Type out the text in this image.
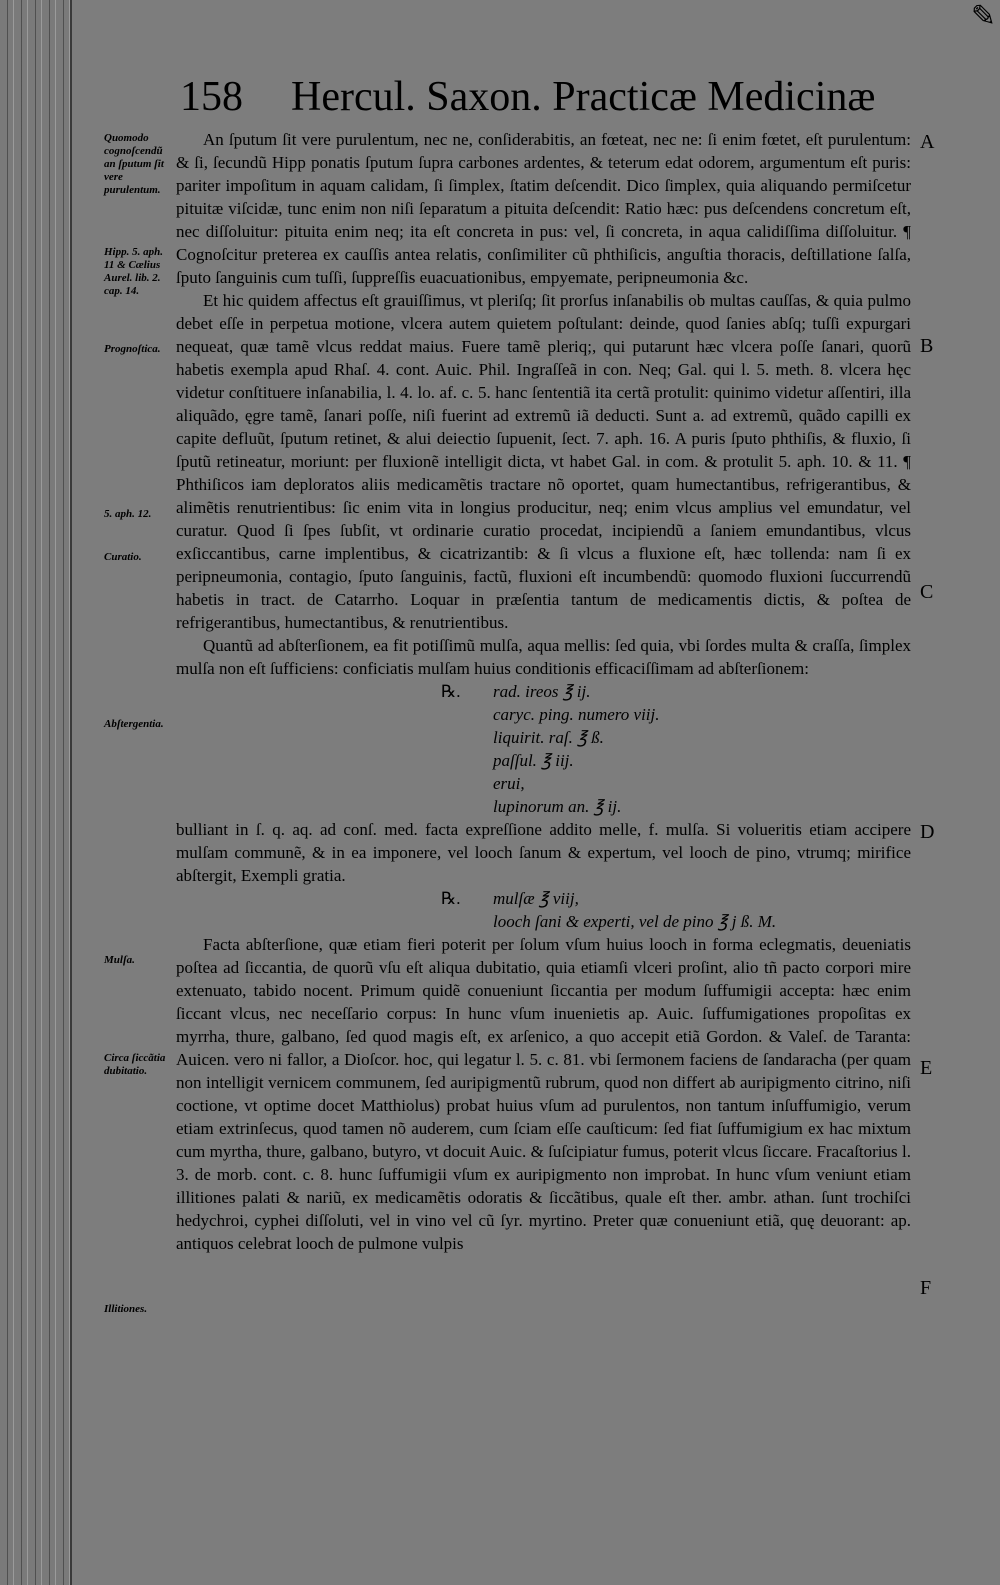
✎
158 Hercul. Saxon. Practicæ Medicinæ
Quomodo cognoſcendũ an ſputum ſit vere purulentum.
Hipp. 5. aph. 11 & Cælius Aurel. lib. 2. cap. 14.
Prognoſtica.
5. aph. 12.
Curatio.
Abſtergentia.
Mulſa.
Circa ſiccãtia dubitatio.
Illitiones.
A
B
C
D
E
F

An ſputum ſit vere purulentum, nec ne, conſiderabitis, an fœteat, nec ne: ſi enim fœtet, eſt purulentum: & ſi, ſecundũ Hipp ponatis ſputum ſupra carbones ardentes, & teterum edat odorem, argumentum eſt puris: pariter impoſitum in aquam calidam, ſi ſimplex, ſtatim deſcendit. Dico ſimplex, quia aliquando permiſcetur pituitæ viſcidæ, tunc enim non niſi ſeparatum a pituita deſcendit: Ratio hæc: pus deſcendens concretum eſt, nec diſſoluitur: pituita enim neq; ita eſt concreta in pus: vel, ſi concreta, in aqua calidiſſima diſſoluitur. ¶ Cognoſcitur preterea ex cauſſis antea relatis, conſimiliter cũ phthiſicis, anguſtia thoracis, deſtillatione ſalſa, ſputo ſanguinis cum tuſſi, ſuppreſſis euacuationibus, empyemate, peripneumonia &c.

Et hic quidem affectus eſt grauiſſimus, vt pleriſq; ſit prorſus inſanabilis ob multas cauſſas, & quia pulmo debet eſſe in perpetua motione, vlcera autem quietem poſtulant: deinde, quod ſanies abſq; tuſſi expurgari nequeat, quæ tamẽ vlcus reddat maius. Fuere tamẽ pleriq;, qui putarunt hæc vlcera poſſe ſanari, quorũ habetis exempla apud Rhaſ. 4. cont. Auic. Phil. Ingraſſeã in con. Neq; Gal. qui l. 5. meth. 8. vlcera hęc videtur conſtituere inſanabilia, l. 4. lo. af. c. 5. hanc ſententiã ita certã protulit: quinimo videtur aſſentiri, illa aliquãdo, ęgre tamẽ, ſanari poſſe, niſi fuerint ad extremũ iã deducti. Sunt a. ad extremũ, quãdo capilli ex capite defluũt, ſputum retinet, & alui deiectio ſupuenit, ſect. 7. aph. 16. A puris ſputo phthiſis, & fluxio, ſi ſputũ retineatur, moriunt: per fluxionẽ intelligit dicta, vt habet Gal. in com. & protulit 5. aph. 10. & 11. ¶ Phthiſicos iam deploratos aliis medicamẽtis tractare nõ oportet, quam humectantibus, refrigerantibus, & alimẽtis renutrientibus: ſic enim vita in longius producitur, neq; enim vlcus amplius vel emundatur, vel curatur. Quod ſi ſpes ſubſit, vt ordinarie curatio procedat, incipiendũ a ſaniem emundantibus, vlcus exſiccantibus, carne implentibus, & cicatrizantib: & ſi vlcus a fluxione eſt, hæc tollenda: nam ſi ex peripneumonia, contagio, ſputo ſanguinis, factũ, fluxioni eſt incumbendũ: quomodo fluxioni ſuccurrendũ habetis in tract. de Catarrho. Loquar in præſentia tantum de medicamentis dictis, & poſtea de refrigerantibus, humectantibus, & renutrientibus.

Quantũ ad abſterſionem, ea fit potiſſimũ mulſa, aqua mellis: ſed quia, vbi ſordes multa & craſſa, ſimplex mulſa non eſt ſufficiens: conficiatis mulſam huius conditionis efficaciſſimam ad abſterſionem:

℞. rad. ireos ℥ ij.
caryc. ping. numero viij.
liquirit. raſ. ℥ ß.
paſſul. ℥ iij.
erui,
lupinorum an. ℥ ij.

bulliant in ſ. q. aq. ad conſ. med. facta expreſſione addito melle, f. mulſa. Si volueritis etiam accipere mulſam communẽ, & in ea imponere, vel looch ſanum & expertum, vel looch de pino, vtrumq; mirifice abſtergit, Exempli gratia.

℞. mulſæ ℥ viij,
looch ſani & experti, vel de pino ℥ j ß. M.

Facta abſterſione, quæ etiam fieri poterit per ſolum vſum huius looch in forma eclegmatis, deueniatis poſtea ad ſiccantia, de quorũ vſu eſt aliqua dubitatio, quia etiamſi vlceri proſint, alio tñ pacto corpori mire extenuato, tabido nocent. Primum quidẽ conueniunt ſiccantia per modum ſuffumigii accepta: hæc enim ſiccant vlcus, nec neceſſario corpus: In hunc vſum inuenietis ap. Auic. ſuffumigationes propoſitas ex myrrha, thure, galbano, ſed quod magis eſt, ex arſenico, a quo accepit etiã Gordon. & Valeſ. de Taranta: Auicen. vero ni fallor, a Dioſcor. hoc, qui legatur l. 5. c. 81. vbi ſermonem faciens de ſandaracha (per quam non intelligit vernicem communem, ſed auripigmentũ rubrum, quod non differt ab auripigmento citrino, niſi coctione, vt optime docet Matthiolus) probat huius vſum ad purulentos, non tantum inſuffumigio, verum etiam extrinſecus, quod tamen nõ auderem, cum ſciam eſſe cauſticum: ſed fiat ſuffumigium ex hac mixtum cum myrtha, thure, galbano, butyro, vt docuit Auic. & ſuſcipiatur fumus, poterit vlcus ſiccare. Fracaſtorius l. 3. de morb. cont. c. 8. hunc ſuffumigii vſum ex auripigmento non improbat. In hunc vſum veniunt etiam illitiones palati & nariũ, ex medicamẽtis odoratis & ſiccãtibus, quale eſt ther. ambr. athan. ſunt trochiſci hedychroi, cyphei diſſoluti, vel in vino vel cũ ſyr. myrtino. Preter quæ conueniunt etiã, quę deuorant: ap. antiquos celebrat looch de pulmone vulpis
